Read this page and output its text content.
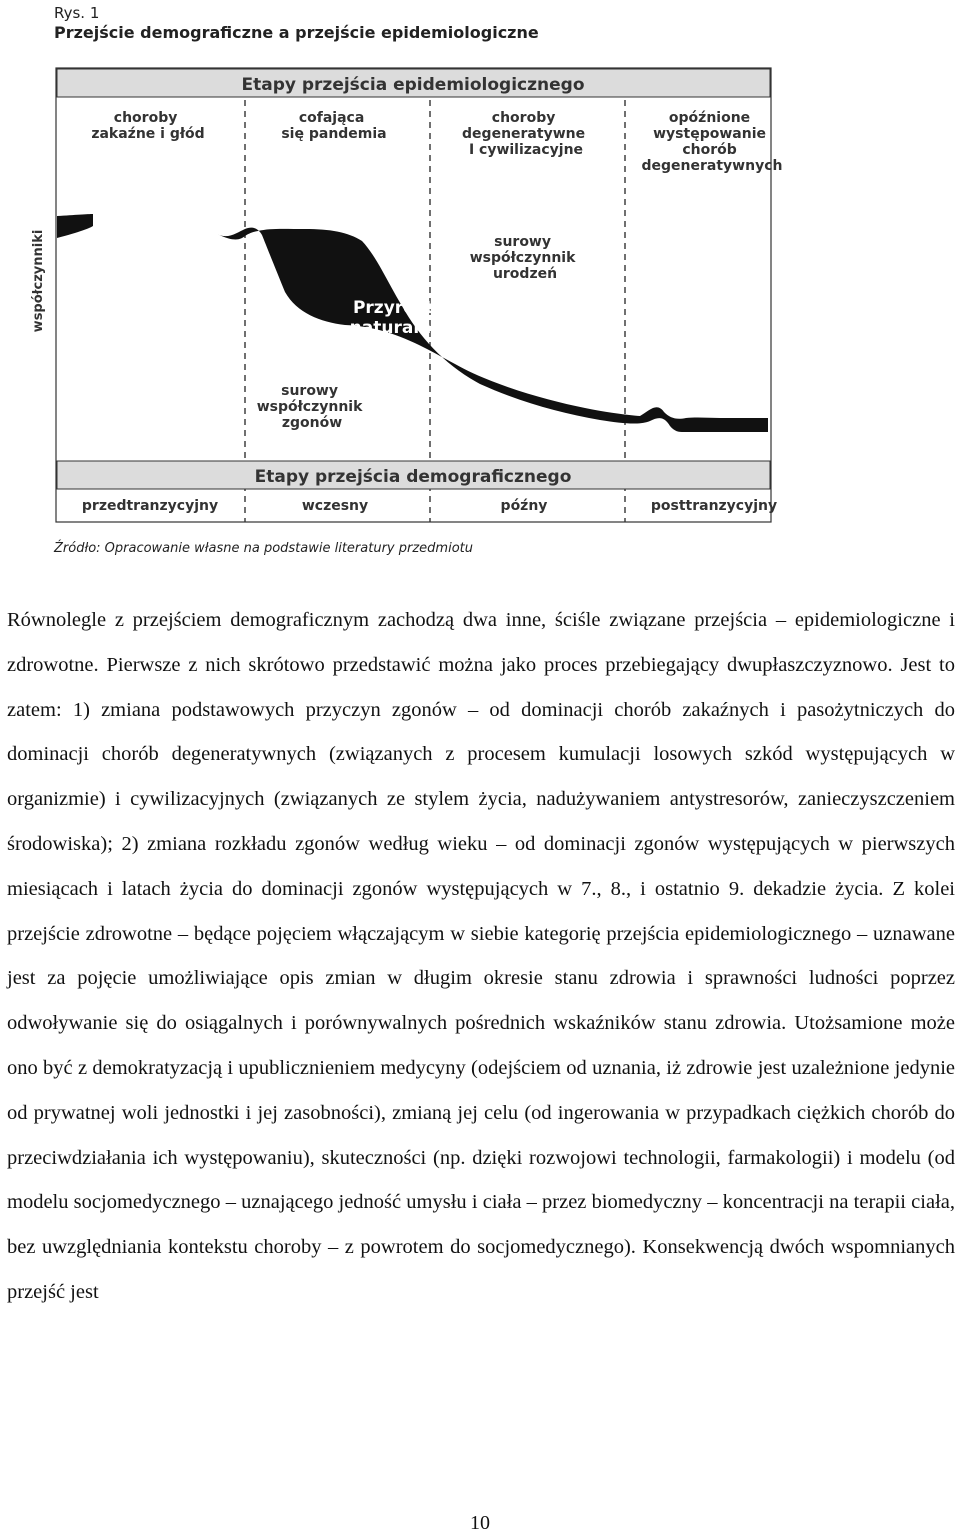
Rys. 1
Przejście demograficzne a przejście epidemiologiczne
Etapy przejścia epidemiologicznego
choroby zakaźne i głód
cofająca się pandemia
choroby degeneratywne I cywilizacyjne
opóźnione występowanie chorób degeneratywnych
współczynniki	surowy współczynnik urodzeń
Przyrost naturalny
surowy współczynnik zgonów
Etapy przejścia demograficznego
przedtranzycyjny	wczesny	późny	posttranzycyjny
Źródło: Opracowanie własne na podstawie literatury przedmiotu

Równolegle z przejściem demograficznym zachodzą dwa inne, ściśle związane przejścia – epidemiologiczne i zdrowotne. Pierwsze z nich skrótowo przedstawić można jako proces przebiegający dwupłaszczyznowo. Jest to zatem: 1) zmiana podstawowych przyczyn zgonów – od dominacji chorób zakaźnych i pasożytniczych do dominacji chorób degeneratywnych (związanych z procesem kumulacji losowych szkód występujących w organizmie) i cywilizacyjnych (związanych ze stylem życia, nadużywaniem antystresorów, zanieczyszczeniem środowiska); 2) zmiana rozkładu zgonów według wieku – od dominacji zgonów występujących w pierwszych miesiącach i latach życia do dominacji zgonów występujących w 7., 8., i ostatnio 9. dekadzie życia. Z kolei przejście zdrowotne – będące pojęciem włączającym w siebie kategorię przejścia epidemiologicznego – uznawane jest za pojęcie umożliwiające opis zmian w długim okresie stanu zdrowia i sprawności ludności poprzez odwoływanie się do osiągalnych i porównywalnych pośrednich wskaźników stanu zdrowia. Utożsamione może ono być z demokratyzacją i upublicznieniem medycyny (odejściem od uznania, iż zdrowie jest uzależnione jedynie od prywatnej woli jednostki i jej zasobności), zmianą jej celu (od ingerowania w przypadkach ciężkich chorób do przeciwdziałania ich występowaniu), skuteczności (np. dzięki rozwojowi technologii, farmakologii) i modelu (od modelu socjomedycznego – uznającego jedność umysłu i ciała – przez biomedyczny – koncentracji na terapii ciała, bez uwzględniania kontekstu choroby – z powrotem do socjomedycznego). Konsekwencją dwóch wspomnianych przejść jest

10
